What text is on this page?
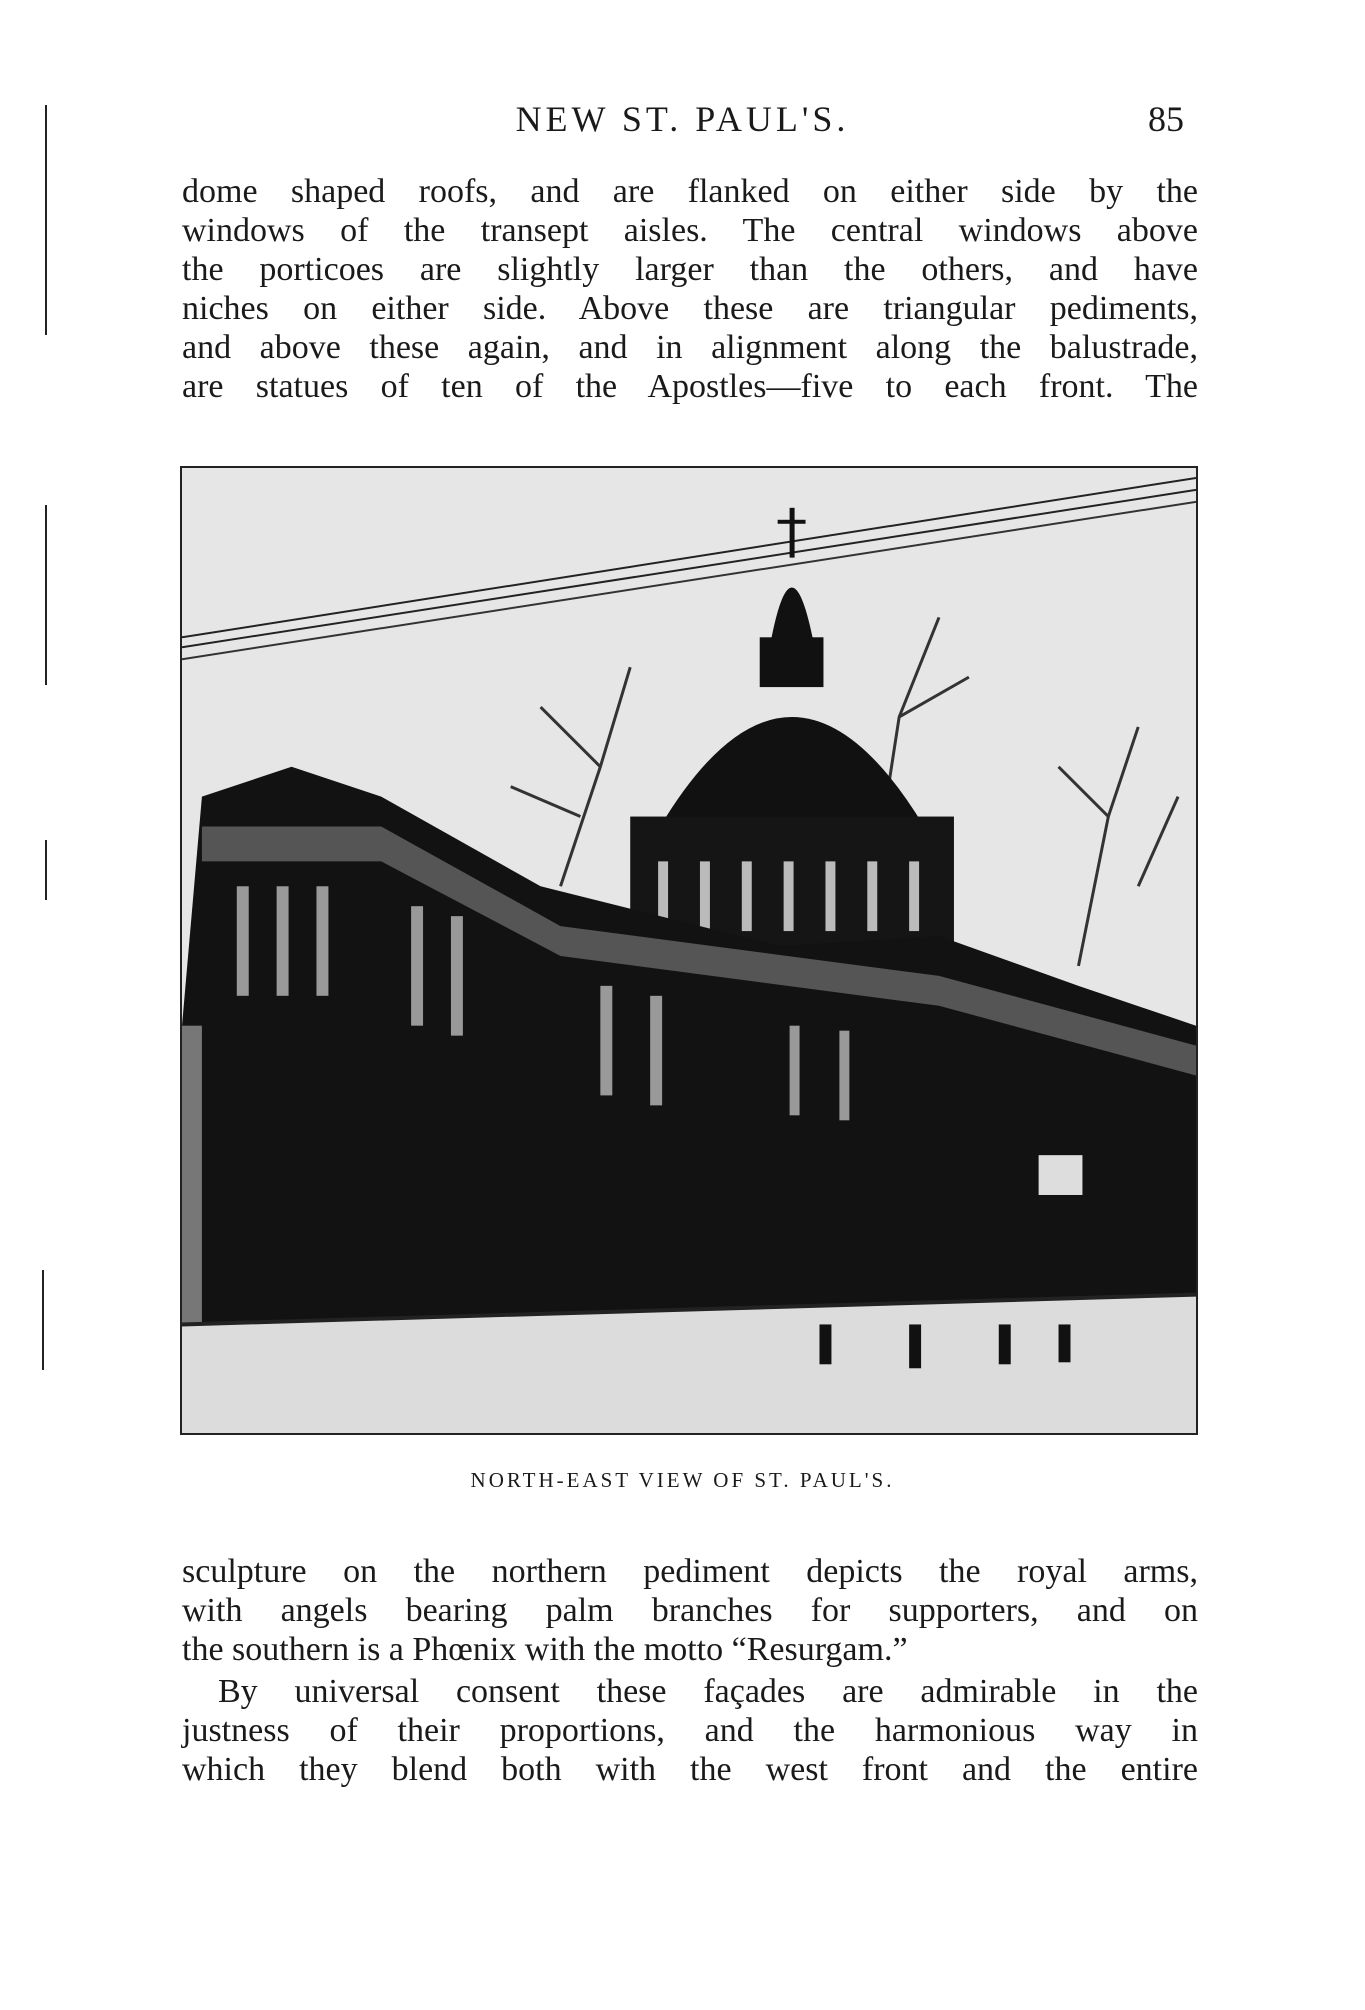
NEW ST. PAUL'S.	85
dome shaped roofs, and are flanked on either side by the
windows of the transept aisles. The central windows above
the porticoes are slightly larger than the others, and have
niches on either side. Above these are triangular pediments,
and above these again, and in alignment along the balustrade,
are statues of ten of the Apostles—five to each front. The
NORTH-EAST VIEW OF ST. PAUL'S.
sculpture on the northern pediment depicts the royal arms,
with angels bearing palm branches for supporters, and on
the southern is a Phœnix with the motto “Resurgam.”
By universal consent these façades are admirable in the
justness of their proportions, and the harmonious way in
which they blend both with the west front and the entire
